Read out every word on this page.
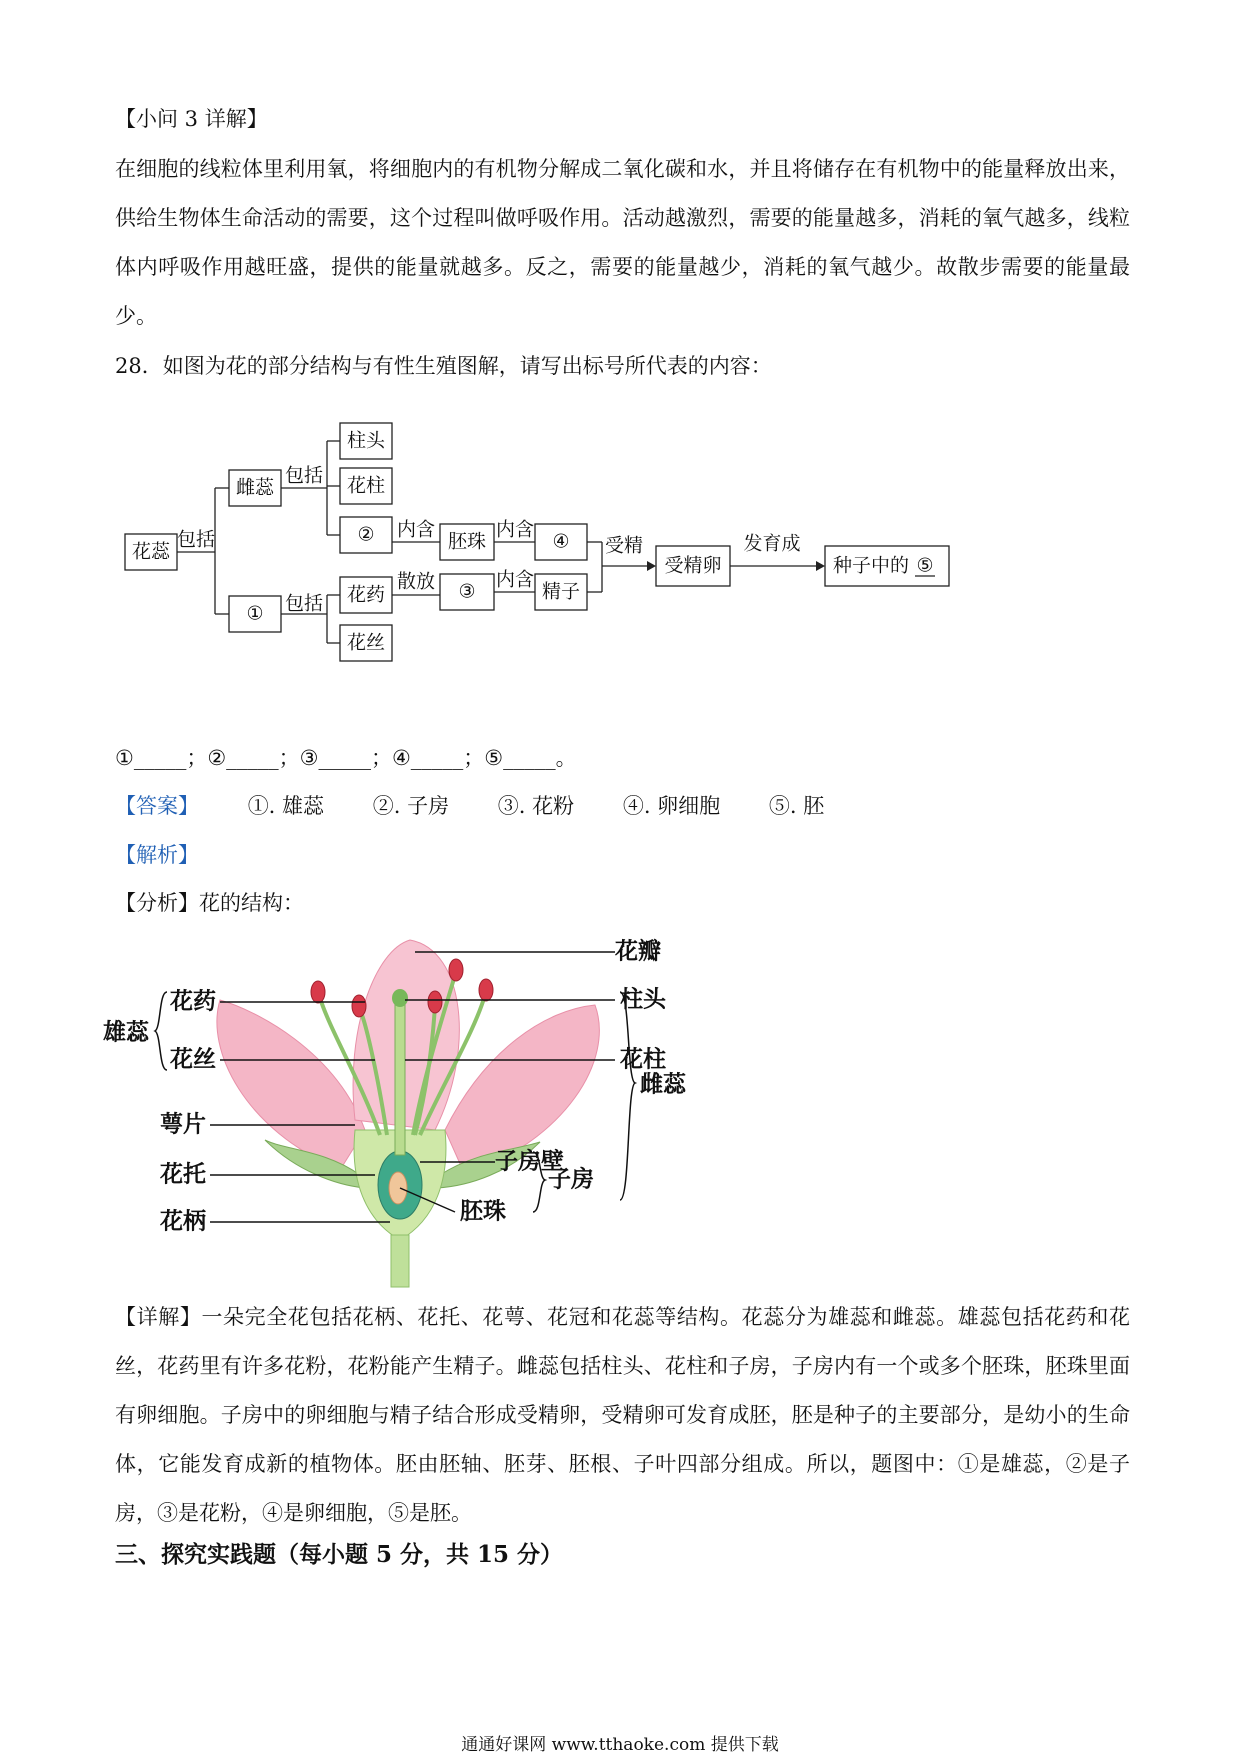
【小问 3 详解】
在细胞的线粒体里利用氧，将细胞内的有机物分解成二氧化碳和水，并且将储存在有机物中的能量释放出来，供给生物体生命活动的需要，这个过程叫做呼吸作用。活动越激烈，需要的能量越多，消耗的氧气越多，线粒体内呼吸作用越旺盛，提供的能量就越多。反之，需要的能量越少，消耗的氧气越少。故散步需要的能量最少。
28．如图为花的部分结构与有性生殖图解，请写出标号所代表的内容：
花蕊
包括
雌蕊
包括
① 包括
柱头
花柱
②
花药
花丝
内含
胚珠
内含
④
散放 ③
内含
精子
受精
受精卵
发育成
种子中的 ⑤
①_____；②_____；③_____；④_____；⑤_____。
【答案】 ①. 雄蕊 ②. 子房 ③. 花粉 ④. 卵细胞 ⑤. 胚
【解析】
【分析】花的结构：
花瓣
花药	柱头
雄蕊
花丝	花柱
雌蕊
萼片
子房壁
花托	子房
花柄	胚珠
【详解】一朵完全花包括花柄、花托、花萼、花冠和花蕊等结构。花蕊分为雄蕊和雌蕊。雄蕊包括花药和花丝，花药里有许多花粉，花粉能产生精子。雌蕊包括柱头、花柱和子房，子房内有一个或多个胚珠，胚珠里面有卵细胞。子房中的卵细胞与精子结合形成受精卵，受精卵可发育成胚，胚是种子的主要部分，是幼小的生命体，它能发育成新的植物体。胚由胚轴、胚芽、胚根、子叶四部分组成。所以，题图中：①是雄蕊，②是子房，③是花粉，④是卵细胞，⑤是胚。
三、探究实践题（每小题 5 分，共 15 分）
通通好课网 www.tthaoke.com 提供下载
